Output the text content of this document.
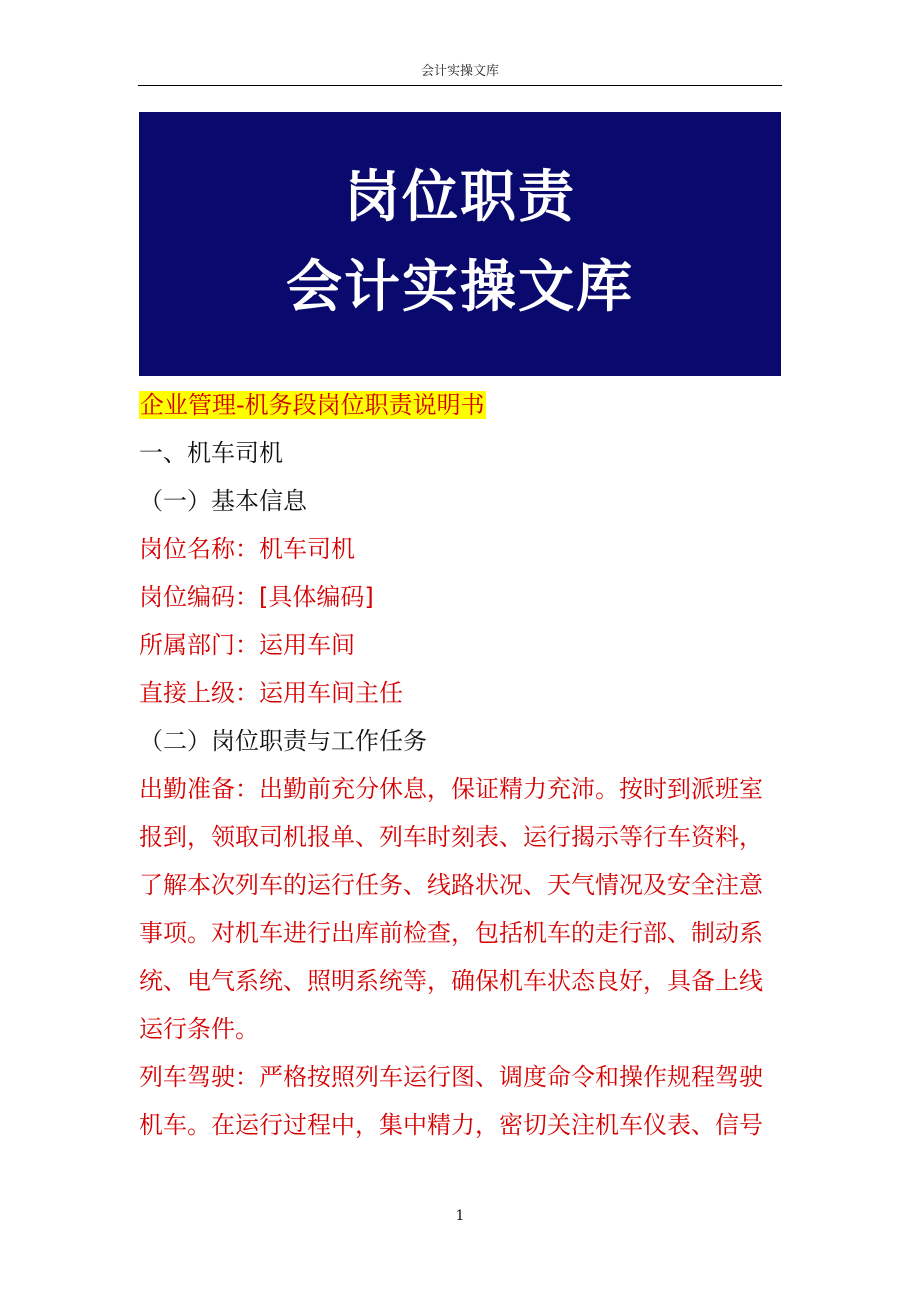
会计实操文库
岗位职责
会计实操文库
企业管理-机务段岗位职责说明书
一、机车司机
（一）基本信息
岗位名称：机车司机
岗位编码：[具体编码]
所属部门：运用车间
直接上级：运用车间主任
（二）岗位职责与工作任务
出勤准备：出勤前充分休息，保证精力充沛。按时到派班室
报到，领取司机报单、列车时刻表、运行揭示等行车资料，
了解本次列车的运行任务、线路状况、天气情况及安全注意
事项。对机车进行出库前检查，包括机车的走行部、制动系
统、电气系统、照明系统等，确保机车状态良好，具备上线
运行条件。
列车驾驶：严格按照列车运行图、调度命令和操作规程驾驶
机车。在运行过程中，集中精力，密切关注机车仪表、信号
1
